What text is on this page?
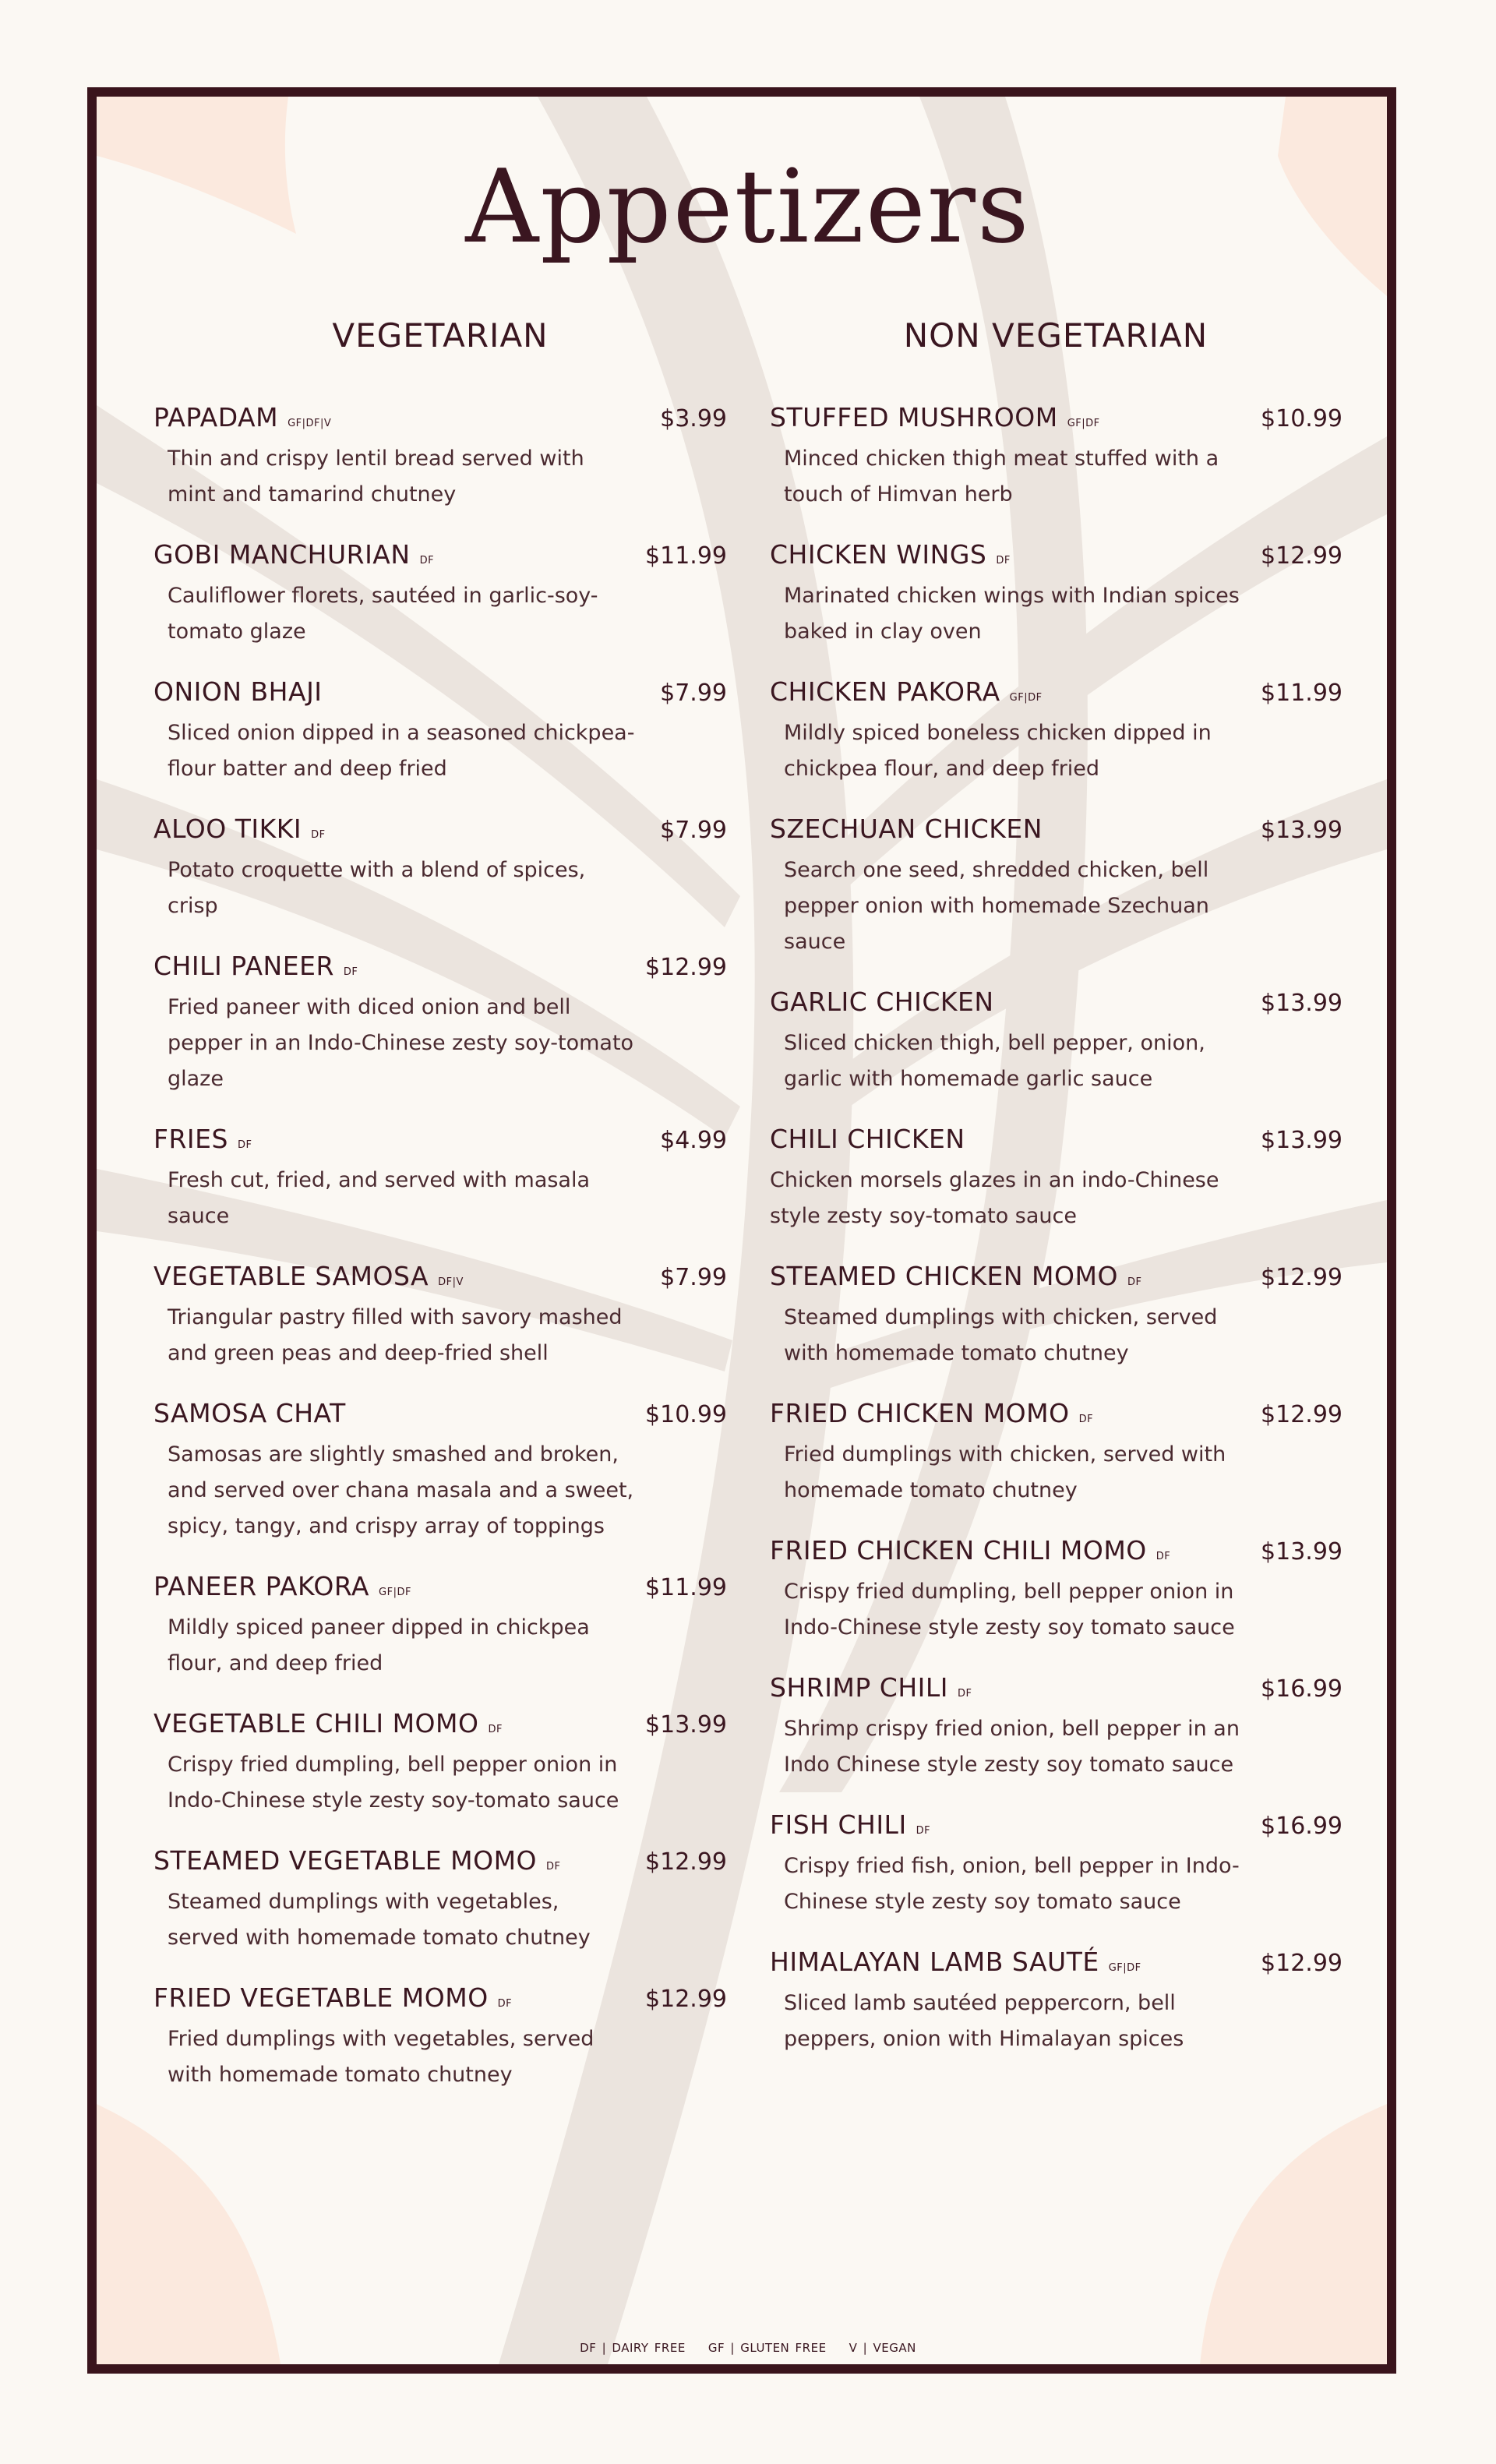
Appetizers
VEGETARIAN	NON VEGETARIAN
PAPADAM GF|DF|V	$3.99
Thin and crispy lentil bread served with mint and tamarind chutney
GOBI MANCHURIAN DF	$11.99
Cauliflower florets, sautéed in garlic-soy-tomato glaze
ONION BHAJI	$7.99
Sliced onion dipped in a seasoned chickpea-flour batter and deep fried
ALOO TIKKI DF	$7.99
Potato croquette with a blend of spices, crisp
CHILI PANEER DF	$12.99
Fried paneer with diced onion and bell pepper in an Indo-Chinese zesty soy-tomato glaze
FRIES DF	$4.99
Fresh cut, fried, and served with masala sauce
VEGETABLE SAMOSA DF|V	$7.99
Triangular pastry filled with savory mashed and green peas and deep-fried shell
SAMOSA CHAT	$10.99
Samosas are slightly smashed and broken, and served over chana masala and a sweet, spicy, tangy, and crispy array of toppings
PANEER PAKORA GF|DF	$11.99
Mildly spiced paneer dipped in chickpea flour, and deep fried
VEGETABLE CHILI MOMO DF	$13.99
Crispy fried dumpling, bell pepper onion in Indo-Chinese style zesty soy-tomato sauce
STEAMED VEGETABLE MOMO DF	$12.99
Steamed dumplings with vegetables, served with homemade tomato chutney
FRIED VEGETABLE MOMO DF	$12.99
Fried dumplings with vegetables, served with homemade tomato chutney
STUFFED MUSHROOM GF|DF	$10.99
Minced chicken thigh meat stuffed with a touch of Himvan herb
CHICKEN WINGS DF	$12.99
Marinated chicken wings with Indian spices baked in clay oven
CHICKEN PAKORA GF|DF	$11.99
Mildly spiced boneless chicken dipped in chickpea flour, and deep fried
SZECHUAN CHICKEN	$13.99
Search one seed, shredded chicken, bell pepper onion with homemade Szechuan sauce
GARLIC CHICKEN	$13.99
Sliced chicken thigh, bell pepper, onion, garlic with homemade garlic sauce
CHILI CHICKEN	$13.99
Chicken morsels glazes in an indo-Chinese style zesty soy-tomato sauce
STEAMED CHICKEN MOMO DF	$12.99
Steamed dumplings with chicken, served with homemade tomato chutney
FRIED CHICKEN MOMO DF	$12.99
Fried dumplings with chicken, served with homemade tomato chutney
FRIED CHICKEN CHILI MOMO DF	$13.99
Crispy fried dumpling, bell pepper onion in Indo-Chinese style zesty soy tomato sauce
SHRIMP CHILI DF	$16.99
Shrimp crispy fried onion, bell pepper in an Indo Chinese style zesty soy tomato sauce
FISH CHILI DF	$16.99
Crispy fried fish, onion, bell pepper in Indo-Chinese style zesty soy tomato sauce
HIMALAYAN LAMB SAUTÉ GF|DF	$12.99
Sliced lamb sautéed peppercorn, bell peppers, onion with Himalayan spices
DF | DAIRY FREE    GF | GLUTEN FREE    V | VEGAN
